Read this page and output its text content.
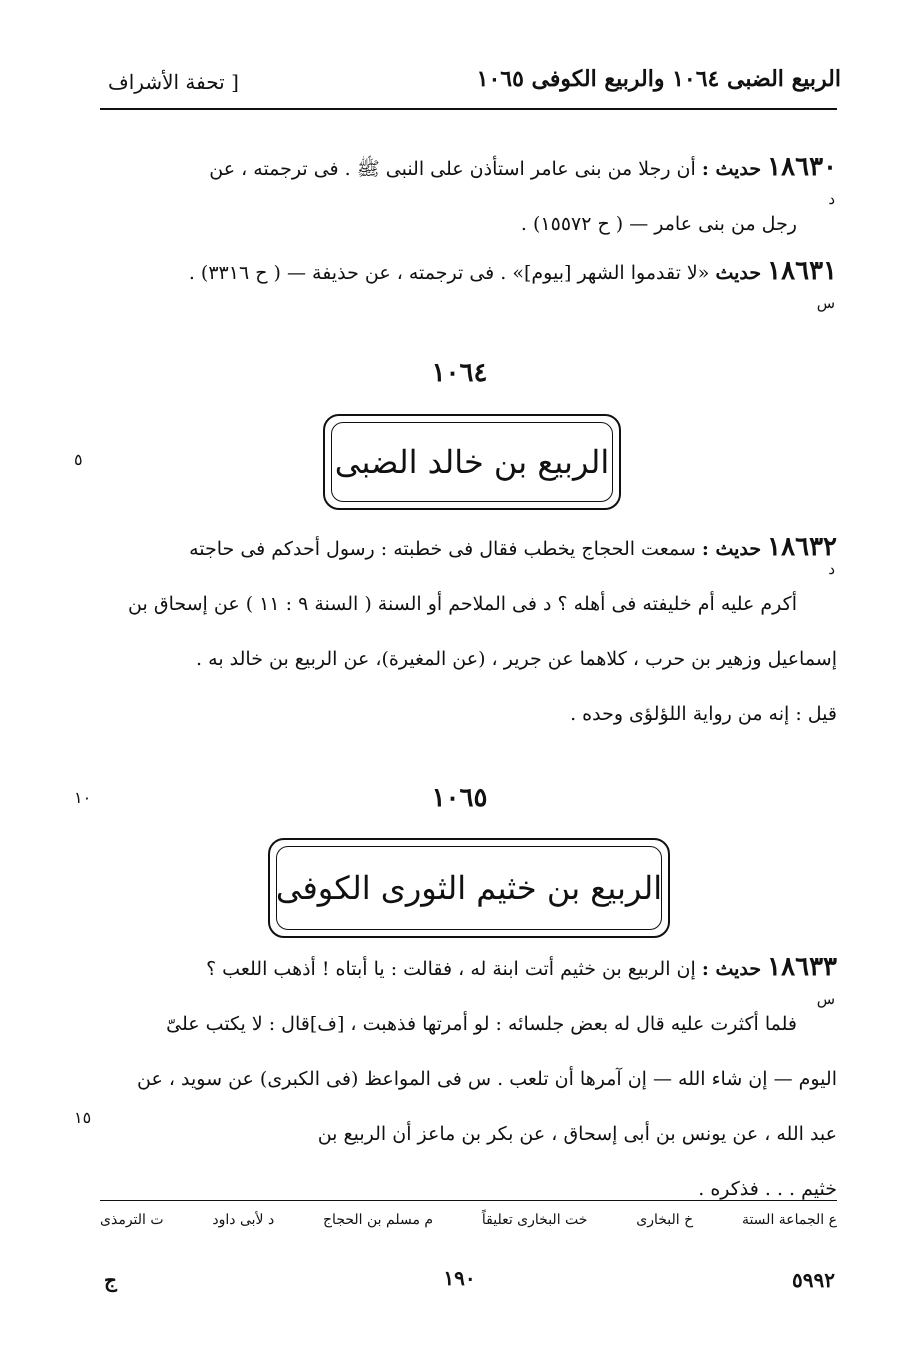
الربيع الضبى ١٠٦٤ والربيع الكوفى ١٠٦٥
[ تحفة الأشراف
١٨٦٣٠ حديث : أن رجلا من بنى عامر استأذن على النبى ﷺ . فى ترجمته ، عن
رجل من بنى عامر — ( ح ١٥٥٧٢) .
د
١٨٦٣١ حديث «لا تقدموا الشهر [بيوم]» . فى ترجمته ، عن حذيفة — ( ح ٣٣١٦) .
س
١٠٦٤
الربيع بن خالد الضبى
٥
١٨٦٣٢ حديث : سمعت الحجاج يخطب فقال فى خطبته : رسول أحدكم فى حاجته
أكرم عليه أم خليفته فى أهله ؟ د فى الملاحم أو السنة ( السنة ٩ : ١١ ) عن إسحاق بن
إسماعيل وزهير بن حرب ، كلاهما عن جرير ، (عن المغيرة)، عن الربيع بن خالد به .
قيل : إنه من رواية اللؤلؤى وحده .
د
١٠٦٥
١٠
الربيع بن خثيم الثورى الكوفى
١٨٦٣٣ حديث : إن الربيع بن خثيم أتت ابنة له ، فقالت : يا أبتاه ! أذهب اللعب ؟
فلما أكثرت عليه قال له بعض جلسائه : لو أمرتها فذهبت ، [ف]قال : لا يكتب علىّ
اليوم — إن شاء الله — إن آمرها أن تلعب . س فى المواعظ (فى الكبرى) عن سويد ، عن
عبد الله ، عن يونس بن أبى إسحاق ، عن بكر بن ماعز أن الربيع بن
خثيم . . . فذكره .
س
١٥
ع الجماعة الستة
خ البخارى
خت البخارى تعليقاً
م مسلم بن الحجاج
د لأبى داود
ت الترمذى
ج	١٩٠	٥٩٩٢
